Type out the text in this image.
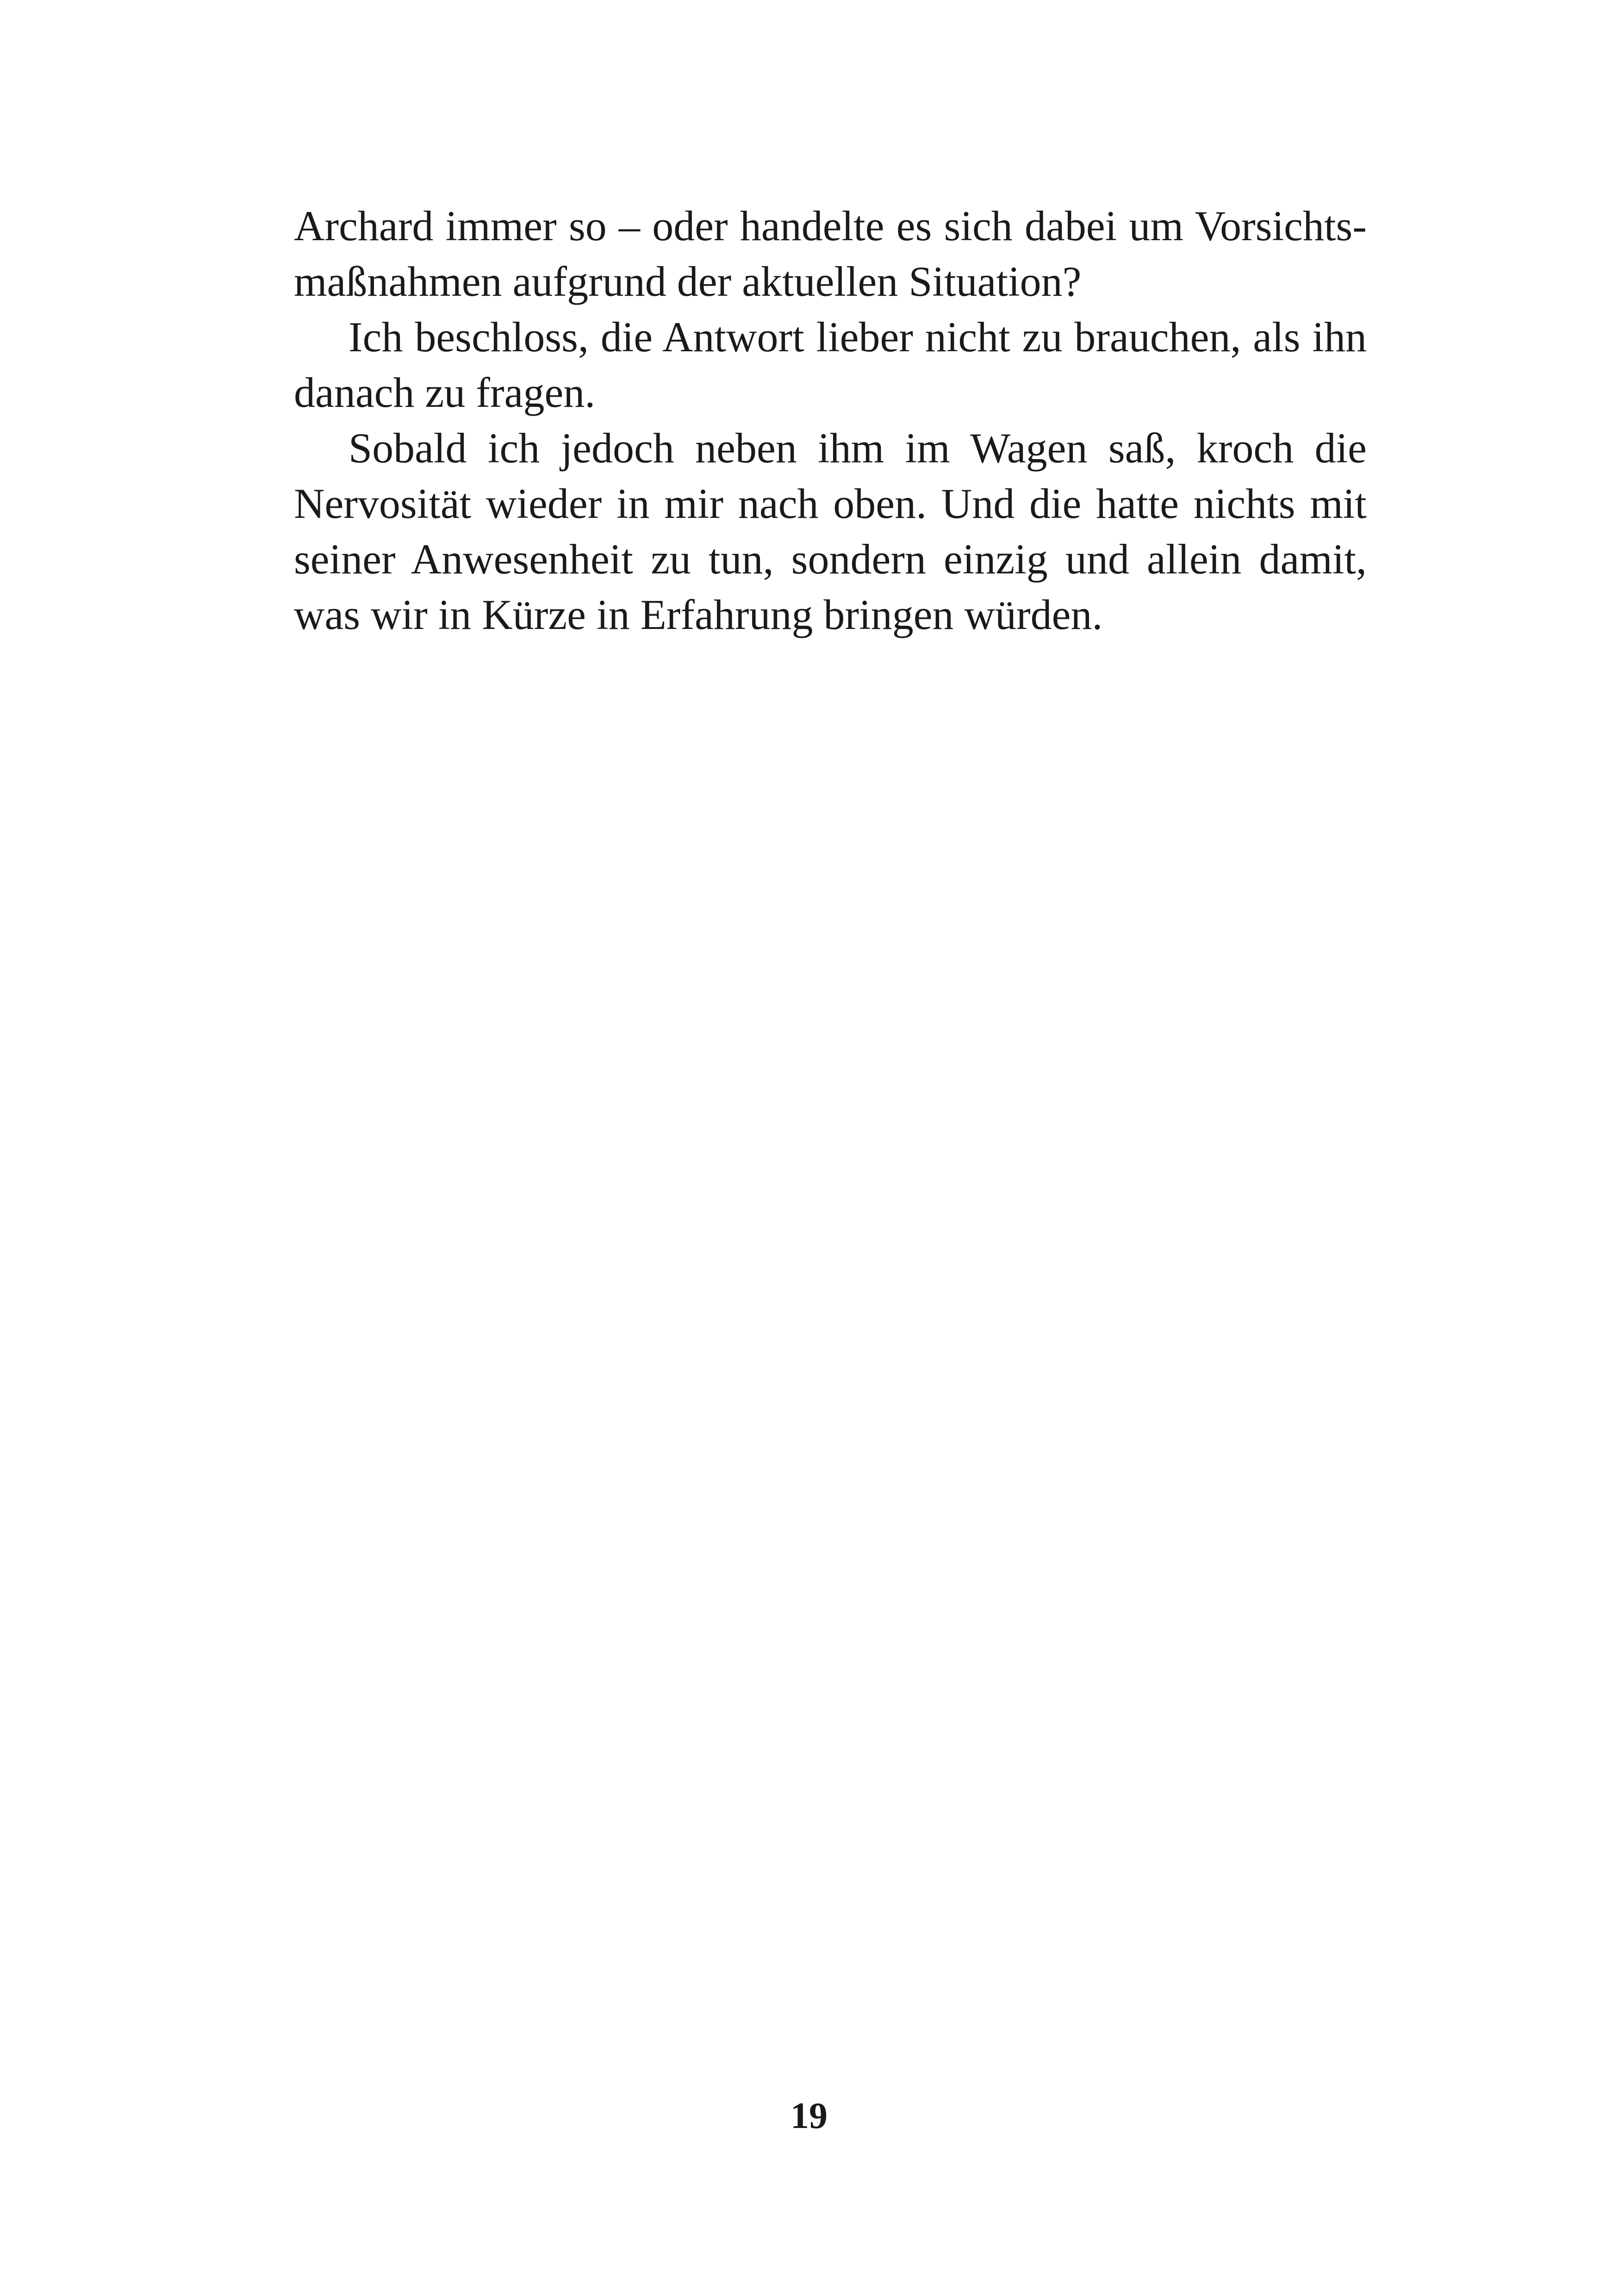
Archard immer so – oder handelte es sich dabei um Vorsichts-
maßnahmen aufgrund der aktuellen Situation?
Ich beschloss, die Antwort lieber nicht zu brauchen, als ihn
danach zu fragen.
Sobald ich jedoch neben ihm im Wagen saß, kroch die
Nervosität wieder in mir nach oben. Und die hatte nichts mit
seiner Anwesenheit zu tun, sondern einzig und allein damit,
was wir in Kürze in Erfahrung bringen würden.
19
